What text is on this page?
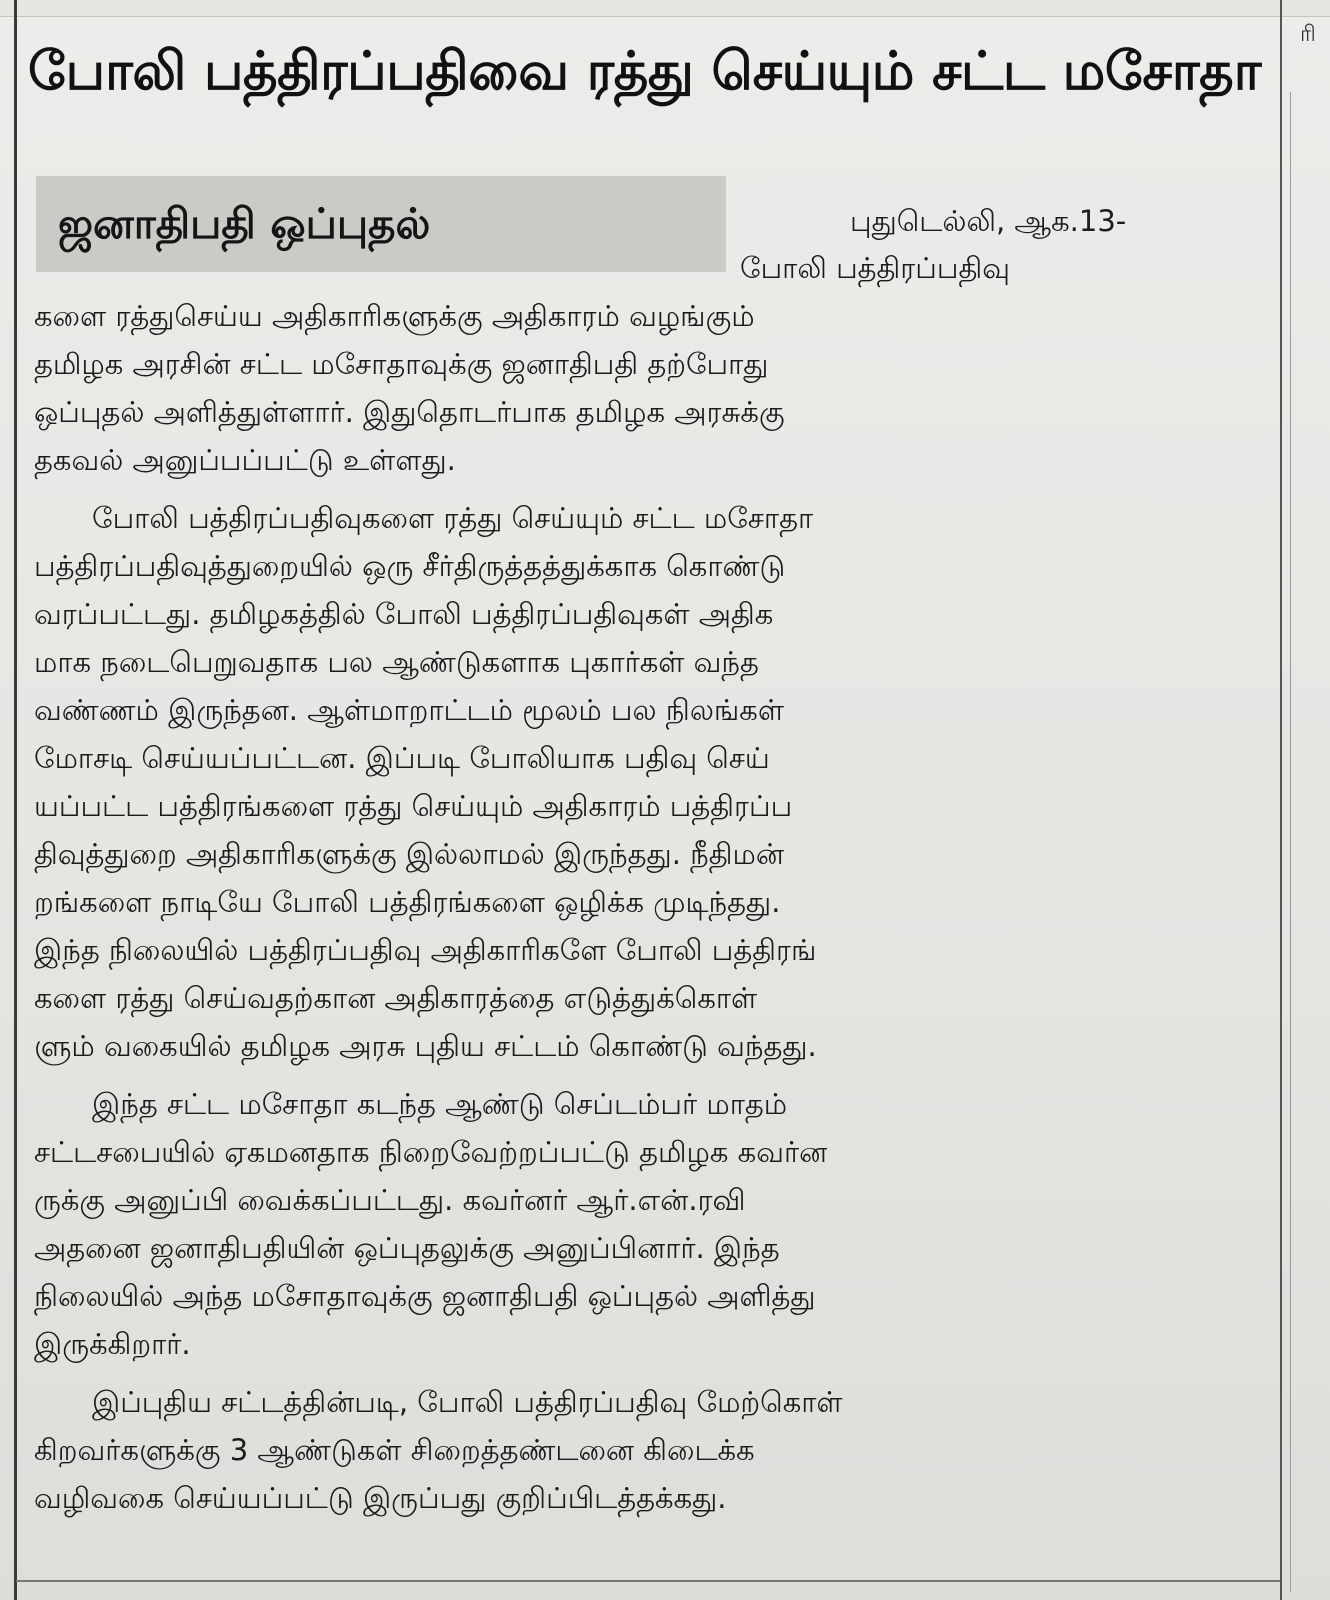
ரி
போலி பத்திரப்பதிவை ரத்து செய்யும் சட்ட மசோதா
ஜனாதிபதி ஒப்புதல்	புதுடெல்லி, ஆக.13-
போலி பத்திரப்பதிவு
களை ரத்துசெய்ய அதிகாரிகளுக்கு அதிகாரம் வழங்கும்
தமிழக அரசின் சட்ட மசோதாவுக்கு ஜனாதிபதி தற்போது
ஒப்புதல் அளித்துள்ளார். இதுதொடர்பாக தமிழக அரசுக்கு
தகவல் அனுப்பப்பட்டு உள்ளது.
போலி பத்திரப்பதிவுகளை ரத்து செய்யும் சட்ட மசோதா
பத்திரப்பதிவுத்துறையில் ஒரு சீர்திருத்தத்துக்காக கொண்டு
வரப்பட்டது. தமிழகத்தில் போலி பத்திரப்பதிவுகள் அதிக
மாக நடைபெறுவதாக பல ஆண்டுகளாக புகார்கள் வந்த
வண்ணம் இருந்தன. ஆள்மாறாட்டம் மூலம் பல நிலங்கள்
மோசடி செய்யப்பட்டன. இப்படி போலியாக பதிவு செய்
யப்பட்ட பத்திரங்களை ரத்து செய்யும் அதிகாரம் பத்திரப்ப
திவுத்துறை அதிகாரிகளுக்கு இல்லாமல் இருந்தது. நீதிமன்
றங்களை நாடியே போலி பத்திரங்களை ஒழிக்க முடிந்தது.
இந்த நிலையில் பத்திரப்பதிவு அதிகாரிகளே போலி பத்திரங்
களை ரத்து செய்வதற்கான அதிகாரத்தை எடுத்துக்கொள்
ளும் வகையில் தமிழக அரசு புதிய சட்டம் கொண்டு வந்தது.
இந்த சட்ட மசோதா கடந்த ஆண்டு செப்டம்பர் மாதம்
சட்டசபையில் ஏகமனதாக நிறைவேற்றப்பட்டு தமிழக கவர்ன
ருக்கு அனுப்பி வைக்கப்பட்டது. கவர்னர் ஆர்.என்.ரவி
அதனை ஜனாதிபதியின் ஒப்புதலுக்கு அனுப்பினார். இந்த
நிலையில் அந்த மசோதாவுக்கு ஜனாதிபதி ஒப்புதல் அளித்து
இருக்கிறார்.
இப்புதிய சட்டத்தின்படி, போலி பத்திரப்பதிவு மேற்கொள்
கிறவர்களுக்கு 3 ஆண்டுகள் சிறைத்தண்டனை கிடைக்க
வழிவகை செய்யப்பட்டு இருப்பது குறிப்பிடத்தக்கது.
